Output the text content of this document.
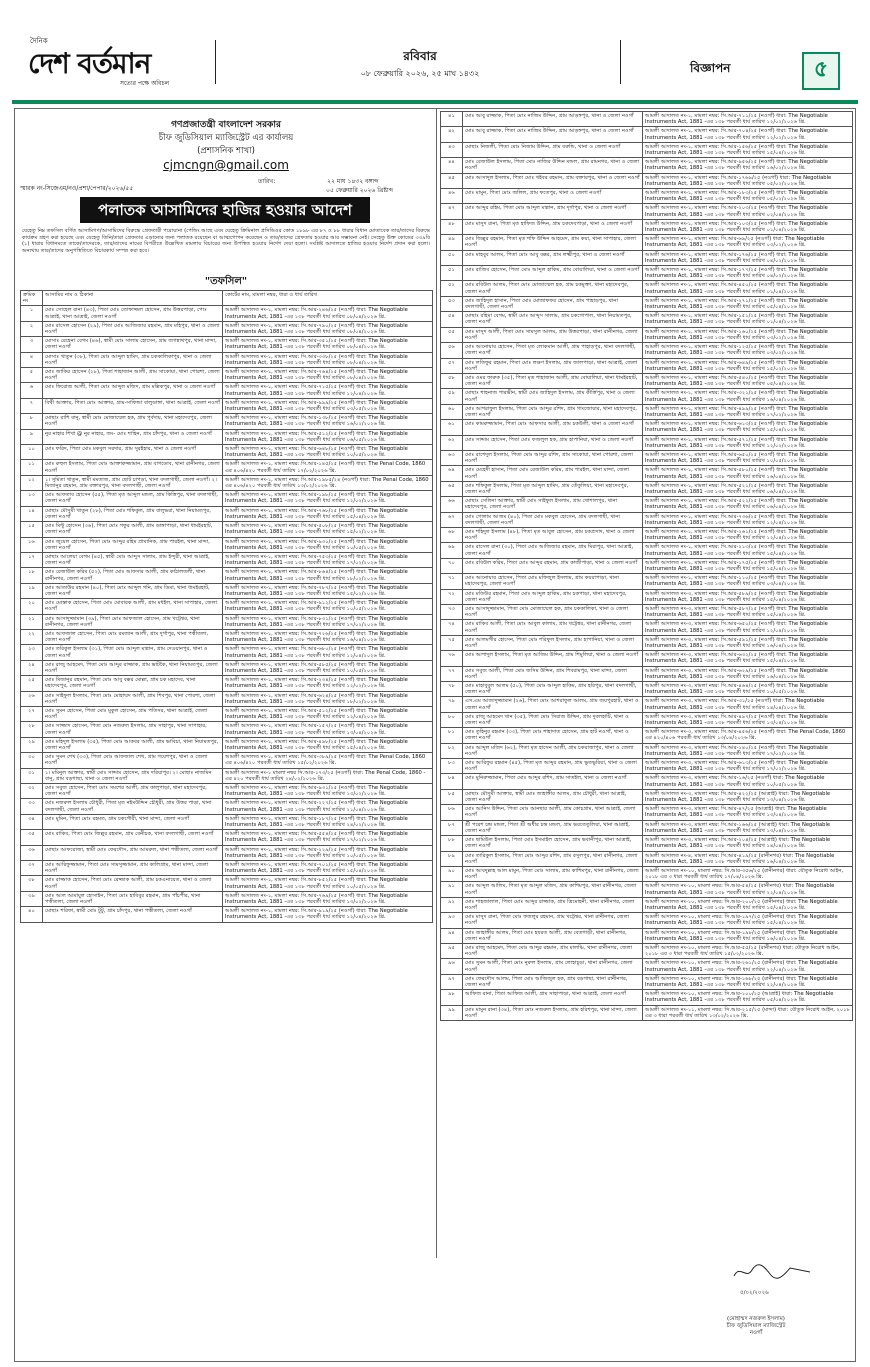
দৈনিক
দেশ বর্তমান
সত্যের পক্ষে অবিচল
রবিবার
০৮ ফেব্রুয়ারি ২০২৬, ২৫ মাঘ ১৪৩২	বিজ্ঞাপন	৫
গণপ্রজাতন্ত্রী বাংলাদেশ সরকার
চীফ জুডিসিয়াল ম্যাজিস্ট্রেট এর কার্যালয়
(প্রশাসনিক শাখা)
cjmcngn@gmail.com
স্মারক নং-সিজেএম/নও/প্রশা/পেপার/২০২৬/৫৫
তারিখ:	২২ মাঘ ১৪৩২ বঙ্গাব্দ
০৫ ফেব্রুয়ারি ২০২৬ খ্রিষ্টাব্দ
পলাতক আসামিদের হাজির হওয়ার আদেশ
যেহেতু নিম্ন তফসিল বর্ণিত আসামিগণ/আসামিদের বিরুদ্ধে গ্রেফতারী পরোয়ানা (পেন্ডিং আছে এবং যেহেতু ক্রিমিনাল প্রসিডিওর কোড ১৮৯৮ এর ৮৭ ও ৮৮ ধারার বিধান মোতাবেক তার/তাদের বিরুদ্ধে কার্যক্রম গ্রহণ করা হয়েছে এবং যেহেতু তিনি/তারা গ্রেফতার এড়ানোর জন্য পলাতক রয়েছেন বা আত্মগোপন করেছেন ও তার/তাদের গ্রেফতার হওয়ার আর সম্ভাবনা নেই। সেহেতু উক্ত কোডের ৩৩৯বি (১) ধারার বিধানমতে তাকে/তাদেরকে, তার/তাদের নামের বিপরীতে উল্লেখিত মামলায় বিচারের জন্য উপস্থিত হওয়ার নির্দেশ দেয়া হলো। সংশ্লিষ্ট আদালতে হাজির হওয়ার নির্দেশ প্রদান করা হলো। অন্যথায় তার/তাদের অনুপস্থিতিতে বিচারকার্য সম্পন্ন করা হবে।
"তফসিল"
ক্রমিক নং	আসামির নাম ও ঠিকানা	কোর্টের নাম, মামলা নম্বর, ধারা ও ধার্য তারিখ
১	মোঃ সোহেল রানা (৪৩), পিতা মোঃ তোফাজ্জল হোসেন, গ্রাম উত্তরপাড়া, পোঃ আত্রাই, থানা আত্রাই, জেলা নওগাঁ	আমলী আদালত নং-১, মামলা নম্বর: সি.আর-২৪৬/২৫ (নওগাঁ) ধারা: The Negotiable Instruments Act, 1881 -এর ১৩৮ পরবর্তী ধার্য তারিখ ০৮/০৪/২০২৬ খ্রি.
২	মোঃ রাসেল হোসেন (২৯), পিতা মোঃ আজিজার রহমান, গ্রাম মহিপুর, থানা ও জেলা নওগাঁ	আমলী আদালত নং-১, মামলা নম্বর: সি.আর-৭৯০/২৫ (নওগাঁ) ধারা: The Negotiable Instruments Act, 1881 -এর ১৩৮ পরবর্তী ধার্য তারিখ ০৮/০৪/২০২৬ খ্রি.
৩	মোসাঃ রেহেনা বেগম (৪৬), স্বামী মোঃ সালাম হোসেন, গ্রাম জগন্নাথপুর, থানা মান্দা, জেলা নওগাঁ	আমলী আদালত নং-১, মামলা নম্বর: সি.আর-৩৫১/২৫ (নওগাঁ) ধারা: The Negotiable Instruments Act, 1881 -এর ১৩৮ পরবর্তী ধার্য তারিখ ০৮/০৪/২০২৬ খ্রি.
৪	মোসাঃ খাতুন (৩৮), পিতা মোঃ আব্দুল হামিদ, গ্রাম চককালিকাপুর, থানা ও জেলা নওগাঁ	আমলী আদালত নং-১, মামলা নম্বর: সি.আর-৩৩৮/২৫ (নওগাঁ) ধারা: The Negotiable Instruments Act, 1881 -এর ১৩৮ পরবর্তী ধার্য তারিখ ০৮/০৪/২০২৬ খ্রি.
৫	মোঃ জাকির হোসেন (২৮), পিতা শাহাজান আলী, গ্রাম সাকোয়া, থানা পোরশা, জেলা নওগাঁ	আমলী আদালত নং-১, মামলা নম্বর: সি.আর-৭৬৪/২৫ (নওগাঁ) ধারা: The Negotiable Instruments Act, 1881 -এর ১৩৮ পরবর্তী ধার্য তারিখ ০৮/০৪/২০২৬ খ্রি.
৬	মোঃ ফিরোজ আলী, পিতা মোঃ আব্দুল মজিদ, গ্রাম মল্লিকপুর, থানা ও জেলা নওগাঁ	আমলী আদালত নং-১, মামলা নম্বর: সি.আর-৭১৫/২৫ (নওগাঁ) ধারা: The Negotiable Instruments Act, 1881 -এর ১৩৮ পরবর্তী ধার্য তারিখ ১২/০৪/২০২৬ খ্রি.
৭	বিথী আক্তার, পিতা মোঃ আক্তার, গ্রাম-সাফিন্ডা বালুডাঙ্গা, থানা আত্রাই, জেলা নওগাঁ	আমলী আদালত নং-১, মামলা নম্বর: সি.আর-৯৯৯/২৫ (নওগাঁ) ধারা: The Negotiable Instruments Act, 1881 -এর ১৩৮ পরবর্তী ধার্য তারিখ ০৩/০৫/২০২৬ খ্রি.
৮	মোছাঃ রাশি বানু, স্বামী মোঃ মোজাম্মেল হক, গ্রাম পূর্বদায়, থানা মহাদেবপুর, জেলা নওগাঁ	আমলী আদালত নং-১, মামলা নম্বর: সি.আর-১৩৮/২৫ (নওগাঁ) ধারা: The Negotiable Instruments Act, 1881 -এর ১৩৮ পরবর্তী ধার্য তারিখ ১৬/০২/২০২৬ খ্রি.
৯	নুর নাহার শিখা @ নুর নাহার, জং- মোঃ শাহিন, গ্রাম চাঁদপুর, থানা ও জেলা নওগাঁ	আমলী আদালত নং-১, মামলা নম্বর: সি.আর-৫১২/২৫ (নওগাঁ) ধারা: The Negotiable Instruments Act, 1881 -এর ১৩৮ পরবর্তী ধার্য তারিখ ০৬/০৫/২০২৬ খ্রি.
১০	মোঃ ফরিদ, পিতা মোঃ মকবুল সরদার, গ্রাম সুরইহার, থানা ও জেলা নওগাঁ	আমলী আদালত নং-১, মামলা নম্বর: সি.আর-৬৪৮/২৫ (নওগাঁ) ধারা: The Negotiable Instruments Act, 1881 -এর ১৩৮ পরবর্তী ধার্য তারিখ ১০/০৫/২০২৬ খ্রি.
১১	মোঃ রুহুল ইসলাম, পিতা মোঃ আক্তারুজ্জামান, গ্রাম বাগডোব, থানা রানীনগর, জেলা নওগাঁ	আমলী আদালত নং-১, মামলা নম্বর: সি.আর-১৪৫/২৫ (নওগাঁ) ধারা: The Penal Code, 1860 এর ৪০৬/৪২০ পরবর্তী ধার্য তারিখ ১৭/০২/২০২৬ খ্রি.
১২	১। সুমিতা খাতুন, স্বামী মমতাজ, গ্রাম ছোট চাপড়া, থানা বদলগাছী, জেলা নওগাঁ। ২। মিজানুর রহমান, গ্রাম বক্তারপুর, থানা বদলগাছী, জেলা নওগাঁ	আমলী আদালত নং-১, মামলা নম্বর: সি.আর-১৯৮৫/২৪ (নওগাঁ) ধারা: The Penal Code, 1860 এর ৪০৬/৪২০ পরবর্তী ধার্য তারিখ ১৩/০২/২০২৬ খ্রি.
১৩	মোঃ আফতাব হোসেন (৫৫), পিতা মৃত আব্দুল মন্ডল, গ্রাম কিত্তিপুর, থানা বদলগাছী, জেলা নওগাঁ	আমলী আদালত নং-১, মামলা নম্বর: সি.আর-১৯৮/২৫ (নওগাঁ) ধারা: The Negotiable Instruments Act, 1881 -এর ১৩৮ পরবর্তী ধার্য তারিখ ১২/০২/২০২৬ খ্রি.
১৪	মোছাঃ মৌসুমী খাতুন (২৮), পিতা মোঃ শফিকুল, গ্রাম বালুভরা, থানা নিয়ামতপুর, জেলা নওগাঁ	আমলী আদালত নং-১, মামলা নম্বর: সি.আর-৭৬৮/২৫ (নওগাঁ) ধারা: The Negotiable Instruments Act, 1881 -এর ১৩৮ পরবর্তী ধার্য তারিখ ১৫/০৪/২০২৬ খ্রি.
১৫	মোঃ মিন্টু হোসেন (৩৬), পিতা মোঃ গফুর আলী, গ্রাম ডাঙ্গাপাড়া, থানা ধামইরহাট, জেলা নওগাঁ	আমলী আদালত নং-১, মামলা নম্বর: সি.আর-৫০৮/২৫ (নওগাঁ) ধারা: The Negotiable Instruments Act, 1881 -এর ১৩৮ পরবর্তী ধার্য তারিখ ১৫/০২/২০২৬ খ্রি.
১৬	মোঃ জুয়েল হোসেন, পিতা মোঃ আব্দুর রহিম প্রামানিক, গ্রাম পারইল, থানা মান্দা, জেলা নওগাঁ	আমলী আদালত নং-১, মামলা নম্বর: সি.আর-৯৩০/২৫ (নওগাঁ) ধারা: The Negotiable Instruments Act, 1881 -এর ১৩৮ পরবর্তী ধার্য তারিখ ১০/০৫/২০২৬ খ্রি.
১৭	মোছাঃ আলেয়া বেগম (৪৫), স্বামী মোঃ আব্দুস সালাম, গ্রাম ইন্দুরী, থানা আত্রাই, জেলা নওগাঁ	আমলী আদালত নং-১, মামলা নম্বর: সি.আর-৭৫৩/২৫ (নওগাঁ) ধারা: The Negotiable Instruments Act, 1881 -এর ১৩৮ পরবর্তী ধার্য তারিখ ১৭/০২/২০২৬ খ্রি.
১৮	মোঃ রেজাউল করিম (৫২), পিতা মোঃ আফসার আলী, গ্রাম কাঠালতলী, থানা রানীনগর, জেলা নওগাঁ	আমলী আদালত নং-১, মামলা নম্বর: সি.আর-৮৬৪/২৫ (নওগাঁ) ধারা: The Negotiable Instruments Act, 1881 -এর ১৩৮ পরবর্তী ধার্য তারিখ ১৮/০২/২০২৬ খ্রি.
১৯	মোঃ আতাউর রহমান (৪০), পিতা মোঃ আব্দুল গনি, গ্রাম ডিমা, থানা ধামইরহাট, জেলা নওগাঁ	আমলী আদালত নং-১, মামলা নম্বর: সি.আর-৭৮৭/২৫ (নওগাঁ) ধারা: The Negotiable Instruments Act, 1881 -এর ১৩৮ পরবর্তী ধার্য তারিখ ১৫/০২/২০২৬ খ্রি.
২০	মোঃ মোস্তাক হোসেন, পিতা মোঃ মোবারক আলী, গ্রাম মধইল, থানা সাপাহার, জেলা নওগাঁ	আমলী আদালত নং-১, মামলা নম্বর: সি.আর-৯১২/২৫ (নওগাঁ) ধারা: The Negotiable Instruments Act, 1881 -এর ১৩৮ পরবর্তী ধার্য তারিখ ১০/০৫/২০২৬ খ্রি.
২১	মোঃ আসাদুজ্জামান (৩৯), পিতা মোঃ আফজাল হোসেন, গ্রাম খট্টেশ্বর, থানা রানীনগর, জেলা নওগাঁ	আমলী আদালত নং-১, মামলা নম্বর: সি.আর-৮৩১/২৫ (নওগাঁ) ধারা: The Negotiable Instruments Act, 1881 -এর ১৩৮ পরবর্তী ধার্য তারিখ ১৭/০২/২০২৬ খ্রি.
২২	মোঃ আফজাল হোসেন, পিতা মোঃ রমজান আলী, গ্রাম দুর্গাপুর, থানা পত্নীতলা, জেলা নওগাঁ	আমলী আদালত নং-১, মামলা নম্বর: সি.আর-৭২৬/২৫ (নওগাঁ) ধারা: The Negotiable Instruments Act, 1881 -এর ১৩৮ পরবর্তী ধার্য তারিখ ১৬/০৪/২০২৬ খ্রি.
২৩	মোঃ তরিকুল ইসলাম (৩১), পিতা মোঃ আব্দুল মান্নান, গ্রাম দেওয়ানপুর, থানা ও জেলা নওগাঁ	আমলী আদালত নং-১, মামলা নম্বর: সি.আর-৬৮০/২৫ (নওগাঁ) ধারা: The Negotiable Instruments Act, 1881 -এর ১৩৮ পরবর্তী ধার্য তারিখ ১২/০৪/২০২৬ খ্রি.
২৪	মোঃ রাজু আহমেদ, পিতা মোঃ আব্দুর রাজ্জাক, গ্রাম ভাটকৈ, থানা নিয়ামতপুর, জেলা নওগাঁ	আমলী আদালত নং-১, মামলা নম্বর: সি.আর-৫৮৫/২৫ (নওগাঁ) ধারা: The Negotiable Instruments Act, 1881 -এর ১৩৮ পরবর্তী ধার্য তারিখ ১০/০৫/২০২৬ খ্রি.
২৫	মোঃ মিজানুর রহমান, পিতা মোঃ আবু বক্কর মোল্লা, গ্রাম চক মহাদেব, থানা মহাদেবপুর, জেলা নওগাঁ	আমলী আদালত নং-১, মামলা নম্বর: সি.আর-২৩৪/২৫ (নওগাঁ) ধারা: The Negotiable Instruments Act, 1881 -এর ১৩৮ পরবর্তী ধার্য তারিখ ১২/০২/২০২৬ খ্রি.
২৬	মোঃ সাইফুল ইসলাম, পিতা মোঃ মোহাম্মদ আলী, গ্রাম শিবপুর, থানা পোরশা, জেলা নওগাঁ	আমলী আদালত নং-১, মামলা নম্বর: সি.আর-৬২৪/২৫ (নওগাঁ) ধারা: The Negotiable Instruments Act, 1881 -এর ১৩৮ পরবর্তী ধার্য তারিখ ১৮/০২/২০২৬ খ্রি.
২৭	মোঃ সুমন হোসেন, পিতা মোঃ মুকুল হোসেন, গ্রাম পতিসর, থানা আত্রাই, জেলা নওগাঁ	আমলী আদালত নং-১, মামলা নম্বর: সি.আর-৫১২/২৫ (নওগাঁ) ধারা: The Negotiable Instruments Act, 1881 -এর ১৩৮ পরবর্তী ধার্য তারিখ ১২/০৪/২০২৬ খ্রি.
২৮	মোঃ সাজ্জাদ হোসেন, পিতা মোঃ নজরুল ইসলাম, গ্রাম সাহাপুর, থানা সাপাহার, জেলা নওগাঁ	আমলী আদালত নং-১, মামলা নম্বর: সি.আর-১৫৭/২৫ (নওগাঁ) ধারা: The Negotiable Instruments Act, 1881 -এর ১৩৮ পরবর্তী ধার্য তারিখ ১৩/০৪/২০২৬ খ্রি.
২৯	মোঃ মহিদুল ইসলাম (৩৫), পিতা মোঃ আকবর আলী, গ্রাম ভাবিচা, থানা নিয়ামতপুর, জেলা নওগাঁ	আমলী আদালত নং-১, মামলা নম্বর: সি.আর-৪৯৮/২৫ (নওগাঁ) ধারা: The Negotiable Instruments Act, 1881 -এর ১৩৮ পরবর্তী ধার্য তারিখ ১৫/০৪/২০২৬ খ্রি.
৩০	মোঃ সুমন শেখ (৩৩), পিতা মোঃ আফজাল শেখ, গ্রাম গয়েশপুর, থানা ও জেলা নওগাঁ	আমলী আদালত নং-১, মামলা নম্বর: সি.আর-৩৮৯/২৫ (নওগাঁ) ধারা: The Penal Code, 1860 এর ৪০৬/৪২০ পরবর্তী ধার্য তারিখ ১৫/০২/২০২৬ খ্রি.
৩১	১। মমিনুল আক্তার, স্বামী মোঃ সাদ্দাম হোসেন, গ্রাম দরিয়াপুর। ২। মোছাঃ নাজমিন বানু, গ্রাম বড়গাছা, থানা ও জেলা নওগাঁ	আমলী আদালত নং-১ মামলা নম্বর সি.আর-১৭৩/২৫ (নওগাঁ) ধারা: The Penal Code, 1860 - এর ৪২০ পরবর্তী ধার্য তারিখ ২৪/০২/২০২৬ খ্রি.
৩২	মোঃ সবুজ হোসেন, পিতা মোঃ সমশের আলী, গ্রাম কালুপাড়া, থানা মহাদেবপুর, জেলা নওগাঁ	আমলী আদালত নং-১, মামলা নম্বর: সি.আর-৯৩১/২৫ (নওগাঁ) ধারা: The Negotiable Instruments Act, 1881 -এর ১৩৮ পরবর্তী ধার্য তারিখ ১৩/০২/২০২৬ খ্রি.
৩৩	মোঃ নজরুল ইসলাম চৌধুরী, পিতা মৃত নইমউদ্দিন চৌধুরী, গ্রাম উত্তর পাড়া, থানা বদলগাছী, জেলা নওগাঁ	আমলী আদালত নং-১, মামলা নম্বর: সি.আর-২২৭/২৫ (নওগাঁ) ধারা: The Negotiable Instruments Act, 1881 -এর ১৩৮ পরবর্তী ধার্য তারিখ ২১/০৪/২০২৬ খ্রি.
৩৪	মোঃ মুমিন, পিতা মোঃ রহমত, গ্রাম চকগৌরী, থানা মান্দা, জেলা নওগাঁ	আমলী আদালত নং-১, মামলা নম্বর: সি.আর-১৮৭/২৫ (নওগাঁ) ধারা: The Negotiable Instruments Act, 1881 -এর ১৩৮ পরবর্তী ধার্য তারিখ ২৪/০২/২০২৬ খ্রি.
৩৫	মোঃ রাকিব, পিতা মোঃ জিল্লুর রহমান, গ্রাম বেনীচক, থানা বদলগাছী, জেলা নওগাঁ	আমলী আদালত নং-১, মামলা নম্বর: সি.আর-৫৫৪/২৫ (নওগাঁ) ধারা: The Negotiable Instruments Act, 1881 -এর ১৩৮ পরবর্তী ধার্য তারিখ ১৭/০২/২০২৬ খ্রি.
৩৬	মোছাঃ আফরোজা, স্বামী মোঃ ফেরদৌস, গ্রাম আমরুল, থানা পত্নীতলা, জেলা নওগাঁ	আমলী আদালত নং-১, মামলা নম্বর: সি.আর-২২৯/২৫ (নওগাঁ) ধারা: The Negotiable Instruments Act, 1881 -এর ১৩৮ পরবর্তী ধার্য তারিখ ১০/০৫/২০২৬ খ্রি.
৩৭	মোঃ আরিফুজ্জামান, পিতা মোঃ সামসুজ্জামান, গ্রাম কালিগ্রাম, থানা মান্দা, জেলা নওগাঁ	আমলী আদালত নং-১, মামলা নম্বর: সি.আর-৭০১/২৫ (নওগাঁ) ধারা: The Negotiable Instruments Act, 1881 -এর ১৩৮ পরবর্তী ধার্য তারিখ ১৫/০৪/২০২৬ খ্রি.
৩৮	মোঃ রাজ্জাক হোসেন, পিতা মোঃ রেজ্জাক আলী, গ্রাম চকএনায়েত, থানা ও জেলা নওগাঁ	আমলী আদালত নং-১, মামলা নম্বর: সি.আর-৮৫২/২৫ (নওগাঁ) ধারা: The Negotiable Instruments Act, 1881 -এর ১৩৮ পরবর্তী ধার্য তারিখ ১০/০৫/২০২৬ খ্রি.
৩৯	মোঃ আল আমাযুল হোসাইন, পিতা মোঃ হাবিবুর রহমান, গ্রাম পাঁচপীর, থানা পত্নীতলা, জেলা নওগাঁ	আমলী আদালত নং-১, মামলা নম্বর: সি.আর-৭৬৯/২৫ (নওগাঁ) ধারা: The Negotiable Instruments Act, 1881 -এর ১৩৮ পরবর্তী ধার্য তারিখ ১৩/০২/২০২৬ খ্রি.
৪০	মোছাঃ শরিফা, স্বামী মোঃ টুটু, গ্রাম চাঁদপুর, থানা পত্নীতলা, জেলা নওগাঁ	আমলী আদালত নং-১, মামলা নম্বর: সি.আর-৯১৯/২৫ (নওগাঁ) ধারা: The Negotiable Instruments Act, 1881 -এর ১৩৮ পরবর্তী ধার্য তারিখ ১২/০৪/২০২৬ খ্রি.
৪১	মোঃ আবু রাজ্জাক, পিতা মোঃ নাজিম উদ্দিন, গ্রাম আড়ঙ্গপুর, থানা ও জেলা নওগাঁ	আমলী আদালত নং-১, মামলা নম্বর: সি.আর-৭১১/২৫ (নওগাঁ) ধারা: The Negotiable Instruments Act, 1881 -এর ১৩৮ পরবর্তী ধার্য তারিখ ১২/০২/২০২৬ খ্রি.
৪২	মোঃ আবু রাজ্জাক, পিতা মোঃ নাজিম উদ্দিন, গ্রাম আড়ঙ্গপুর, থানা ও জেলা নওগাঁ	আমলী আদালত নং-১, মামলা নম্বর: সি.আর-৭০৪/২৫ (নওগাঁ) ধারা: The Negotiable Instruments Act, 1881 -এর ১৩৮ পরবর্তী ধার্য তারিখ ১২/০২/২০২৬ খ্রি.
৪৩	মোছাঃ নিজলী, পিতা মোঃ নিজাম উদ্দিন, গ্রাম বরুন্ডি, থানা ও জেলা নওগাঁ	আমলী আদালত নং-১, মামলা নম্বর: সি.আর-১৫৬/২৫ (নওগাঁ) ধারা: The Negotiable Instruments Act, 1881 -এর ১৩৮ পরবর্তী ধার্য তারিখ ১৫/০৪/২০২৬ খ্রি.
৪৪	মোঃ রেজাউল ইসলাম, পিতা মোঃ নাজির উদ্দিন মন্ডল, গ্রাম রামনগর, থানা ও জেলা নওগাঁ	আমলী আদালত নং-১, মামলা নম্বর: সি.আর-৯৫৬/২৫ (নওগাঁ) ধারা: The Negotiable Instruments Act, 1881 -এর ১৩৮ পরবর্তী ধার্য তারিখ ১৬/০২/২০২৬ খ্রি.
৪৫	মোঃ আসাদুল ইসলাম, পিতা মোঃ খইবর রহমান, গ্রাম বক্তারপুর, থানা ও জেলা নওগাঁ	আমলী আদালত নং-১, মামলা নম্বর: সি.আর-১৭৬৯/২৫ (নওগাঁ) ধারা: The Negotiable Instruments Act, 1881 -এর ১৩৮ পরবর্তী ধার্য তারিখ ০৫/০২/২০২৬ খ্রি.
৪৬	মোঃ মামুন, পিতা মোঃ জলিল, গ্রাম ফতেপুর, থানা ও জেলা নওগাঁ	আমলী আদালত নং-১, মামলা নম্বর: সি.আর-১৮৩/২৫ (নওগাঁ) ধারা: The Negotiable Instruments Act, 1881 -এর ১৩৮ পরবর্তী ধার্য তারিখ ০৫/০২/২০২৬ খ্রি.
৪৭	মোঃ আব্দুর রহিম, পিতা মোঃ আব্দুল মান্নান, গ্রাম দূর্গাপুর, থানা ও জেলা নওগাঁ	আমলী আদালত নং-১, মামলা নম্বর: সি.আর-২০৩/২৫ (নওগাঁ) ধারা: The Negotiable Instruments Act, 1881 -এর ১৩৮ পরবর্তী ধার্য তারিখ ০২/০৪/২০২৬ খ্রি.
৪৮	মোঃ মাসুদ রানা, পিতা মৃত হাফিজ উদ্দিন, গ্রাম চকদেবপাড়া, থানা ও জেলা নওগাঁ	আমলী আদালত নং-১, মামলা নম্বর: সি.আর-১০৩/২৫ (নওগাঁ) ধারা: The Negotiable Instruments Act, 1881 -এর ১৩৮ পরবর্তী ধার্য তারিখ ০১/০৪/২০২৬ খ্রি.
৪৯	মোঃ জিল্লুর রহমান, পিতা মৃত শফি উদ্দিন আহমেদ, গ্রাম কয়া, থানা সাপাহার, জেলা নওগাঁ	আমলী আদালত নং-১, মামলা নম্বর: সি.আর-৬৯/২৫ (নওগাঁ) ধারা: The Negotiable Instruments Act, 1881 -এর ১৩৮ পরবর্তী ধার্য তারিখ ০৩/০২/২০২৬ খ্রি.
৫০	মোঃ মাহবুব আলম, পিতা মোঃ আবু বক্কর, গ্রাম লক্ষ্মীপুর, থানা ও জেলা নওগাঁ	আমলী আদালত নং-১, মামলা নম্বর: সি.আর-১৭৬/২৫ (নওগাঁ) ধারা: The Negotiable Instruments Act, 1881 -এর ১৩৮ পরবর্তী ধার্য তারিখ ০৪/০২/২০২৬ খ্রি.
৫১	মোঃ রাজিব হোসেন, পিতা মোঃ আব্দুল হাকিম, গ্রাম বোয়ালিয়া, থানা ও জেলা নওগাঁ	আমলী আদালত নং-১, মামলা নম্বর: সি.আর-১৭৭/২৫ (নওগাঁ) ধারা: The Negotiable Instruments Act, 1881 -এর ১৩৮ পরবর্তী ধার্য তারিখ ০৪/০২/২০২৬ খ্রি.
৫২	মোঃ রবিউল আলম, পিতা মোঃ মোজাম্মেল হক, গ্রাম চকমুক্তা, থানা মহাদেবপুর, জেলা নওগাঁ	আমলী আদালত নং-১, মামলা নম্বর: সি.আর-৪৫০/২৫ (নওগাঁ) ধারা: The Negotiable Instruments Act, 1881 -এর ১৩৮ পরবর্তী ধার্য তারিখ ০১/০৪/২০২৬ খ্রি.
৫৩	মোঃ জাহিদুল হাসান, পিতা মোঃ মোজাফফর হোসেন, গ্রাম পাহাড়পুর, থানা বদলগাছী, জেলা নওগাঁ	আমলী আদালত নং-১, মামলা নম্বর: সি.আর-২৭১/২৫ (নওগাঁ) ধারা: The Negotiable Instruments Act, 1881 -এর ১৩৮ পরবর্তী ধার্য তারিখ ০৫/০৪/২০২৬ খ্রি.
৫৪	মোছাঃ রহিমা বেগম, স্বামী মোঃ আব্দুস সালাম, গ্রাম চকগোপাল, থানা নিয়ামতপুর, জেলা নওগাঁ	আমলী আদালত নং-১, মামলা নম্বর: সি.আর-১৫১/২৫ (নওগাঁ) ধারা: The Negotiable Instruments Act, 1881 -এর ১৩৮ পরবর্তী ধার্য তারিখ ০১/০৪/২০২৬ খ্রি.
৫৫	মোঃ মাসুদ আলী, পিতা মোঃ সামসুল আলম, গ্রাম উত্তরপাড়া, থানা রানীনগর, জেলা নওগাঁ	আমলী আদালত নং-১, মামলা নম্বর: সি.আর-১৬০/২৫ (নওগাঁ) ধারা: The Negotiable Instruments Act, 1881 -এর ১৩৮ পরবর্তী ধার্য তারিখ ০৩/০২/২০২৬ খ্রি.
৫৬	মোঃ আনোয়ার হোসেন, পিতা মৃত লোকমান আলী, গ্রাম পাহাড়পুর, থানা বদলগাছী, জেলা নওগাঁ	আমলী আদালত নং-১, মামলা নম্বর: সি.আর-১২৫/২৫ (নওগাঁ) ধারা: The Negotiable Instruments Act, 1881 -এর ১৩৮ পরবর্তী ধার্য তারিখ ০৩/০২/২০২৬ খ্রি.
৫৭	মোঃ লতিফুর রহমান, পিতা মোঃ লক্ষণ ইসলাম, গ্রাম জালপাড়া, থানা আত্রাই, জেলা নওগাঁ	আমলী আদালত নং-১, মামলা নম্বর: সি.আর-৬৪৯/২৫ (নওগাঁ) ধারা: The Negotiable Instruments Act, 1881 -এর ১৩৮ পরবর্তী ধার্য তারিখ ১৫/০২/২০২৬ খ্রি.
৫৮	মোঃ ওমর ফারুক (৩৫), পিতা মৃত শাহাজান আলী, গ্রাম বোয়ালিয়া, থানা ধামইরহাট, জেলা নওগাঁ	আমলী আদালত নং-১, মামলা নম্বর: সি.আর-৫৪০/২৫ (নওগাঁ) ধারা: The Negotiable Instruments Act, 1881 -এর ১৩৮ পরবর্তী ধার্য তারিখ ০৫/০৪/২০২৬ খ্রি.
৫৯	মোছাঃ শাহনাজ পারভীন, স্বামী মোঃ জাহিদুল ইসলাম, গ্রাম কীর্ত্তিপুর, থানা ও জেলা নওগাঁ	আমলী আদালত নং-১, মামলা নম্বর: সি.আর-৩২১/২৫ (নওগাঁ) ধারা: The Negotiable Instruments Act, 1881 -এর ১৩৮ পরবর্তী ধার্য তারিখ ১৬/০৪/২০২৬ খ্রি.
৬০	মোঃ আশরাফুল ইসলাম, পিতা মোঃ আব্দুর রশিদ, গ্রাম গাংজোয়ার, থানা মহাদেবপুর, জেলা নওগাঁ	আমলী আদালত নং-১, মামলা নম্বর: সি.আর-৪৯৯/২৫ (নওগাঁ) ধারা: The Negotiable Instruments Act, 1881 -এর ১৩৮ পরবর্তী ধার্য তারিখ ১৭/০২/২০২৬ খ্রি.
৬১	মোঃ কামরুজ্জামান, পিতা মোঃ আফসার আলী, গ্রাম চকউলী, থানা ও জেলা নওগাঁ	আমলী আদালত নং-১, মামলা নম্বর: সি.আর-৬১৩/২৫ (নওগাঁ) ধারা: The Negotiable Instruments Act, 1881 -এর ১৩৮ পরবর্তী ধার্য তারিখ ১৫/০৪/২০২৬ খ্রি.
৬২	মোঃ সাদ্দাম হোসেন, পিতা মোঃ ফজলুল হক, গ্রাম হাপানিয়া, থানা ও জেলা নওগাঁ	আমলী আদালত নং-১, মামলা নম্বর: সি.আর-৫৭১/২৫ (নওগাঁ) ধারা: The Negotiable Instruments Act, 1881 -এর ১৩৮ পরবর্তী ধার্য তারিখ ১২/০২/২০২৬ খ্রি.
৬৩	মোঃ রাশেদুল ইসলাম, পিতা মোঃ আব্দুর রশিদ, গ্রাম সাকোয়া, থানা পোরশা, জেলা নওগাঁ	আমলী আদালত নং-১, মামলা নম্বর: সি.আর-৬৫০/২৫ (নওগাঁ) ধারা: The Negotiable Instruments Act, 1881 -এর ১৩৮ পরবর্তী ধার্য তারিখ ১০/০৫/২০২৬ খ্রি.
৬৪	মোঃ মেহেদী হাসান, পিতা মোঃ রেজাউল করিম, গ্রাম পারইল, থানা মান্দা, জেলা নওগাঁ	আমলী আদালত নং-১, মামলা নম্বর: সি.আর-৫৮০/২৫ (নওগাঁ) ধারা: The Negotiable Instruments Act, 1881 -এর ১৩৮ পরবর্তী ধার্য তারিখ ১৬/০৪/২০২৬ খ্রি.
৬৫	মোঃ শফিকুল ইসলাম, পিতা মৃত আব্দুল হামিদ, গ্রাম তেঁতুলিয়া, থানা মহাদেবপুর, জেলা নওগাঁ	আমলী আদালত নং-১, মামলা নম্বর: সি.আর-৫২১/২৫ (নওগাঁ) ধারা: The Negotiable Instruments Act, 1881 -এর ১৩৮ পরবর্তী ধার্য তারিখ ০৬/০৪/২০২৬ খ্রি.
৬৬	মোছাঃ সেলিনা আক্তার, স্বামী মোঃ সাইফুল ইসলাম, গ্রাম খোশালপুর, থানা মহাদেবপুর, জেলা নওগাঁ	আমলী আদালত নং-১, মামলা নম্বর: সি.আর-৫২২/২৫ (নওগাঁ) ধারা: The Negotiable Instruments Act, 1881 -এর ১৩৮ পরবর্তী ধার্য তারিখ ০৬/০৪/২০২৬ খ্রি.
৬৭	মোঃ গোলাম আজম (৪০), পিতা মোঃ মকবুল হোসেন, গ্রাম বদলগাছী, থানা বদলগাছী, জেলা নওগাঁ	আমলী আদালত নং-১, মামলা নম্বর: সি.আর-৭৩৬/২৫ (নওগাঁ) ধারা: The Negotiable Instruments Act, 1881 -এর ১৩৮ পরবর্তী ধার্য তারিখ ১২/০৪/২০২৬ খ্রি.
৬৮	মোঃ শহিদুল ইসলাম (৪৮), পিতা মৃত আবুল হোসেন, গ্রাম চকপ্রসাদ, থানা ও জেলা নওগাঁ	আমলী আদালত নং-১, মামলা নম্বর: সি.আর-২৬১/২৫ (নওগাঁ) ধারা: The Negotiable Instruments Act, 1881 -এর ১৩৮ পরবর্তী ধার্য তারিখ ১২/০৪/২০২৬ খ্রি.
৬৯	মোঃ রাসেল রানা (৩০), পিতা মোঃ আজিজার রহমান, গ্রাম মিরাপুর, থানা আত্রাই, জেলা নওগাঁ	আমলী আদালত নং-১, মামলা নম্বর: সি.আর-২১৩/২৫ (নওগাঁ) ধারা: The Negotiable Instruments Act, 1881 -এর ১৩৮ পরবর্তী ধার্য তারিখ ১৫/০৪/২০২৬ খ্রি.
৭০	মোঃ রবিউল করিম, পিতা মোঃ আব্দুর রহমান, গ্রাম কাজীপাড়া, থানা ও জেলা নওগাঁ	আমলী আদালত নং-১, মামলা নম্বর: সি.আর-১৭৫/২৫ (নওগাঁ) ধারা: The Negotiable Instruments Act, 1881 -এর ১৩৮ পরবর্তী ধার্য তারিখ ১৫/০৪/২০২৬ খ্রি.
৭১	মোঃ আনোয়ার হোসেন, পিতা মোঃ মফিজুল ইসলাম, গ্রাম কয়রাপাড়া, থানা মহাদেবপুর, জেলা নওগাঁ	আমলী আদালত নং-১, মামলা নম্বর: সি.আর-১১০/২৫ (নওগাঁ) ধারা: The Negotiable Instruments Act, 1881 -এর ১৩৮ পরবর্তী ধার্য তারিখ ০৩/০৪/২০২৬ খ্রি.
৭২	মোঃ মতিউর রহমান, পিতা মোঃ আব্দুল হাকিম, গ্রাম চকপাড়া, থানা মহাদেবপুর, জেলা নওগাঁ	আমলী আদালত নং-৩, মামলা নম্বর: সি.আর-৫৮৯/২৫ (নওগাঁ) ধারা: The Negotiable Instruments Act, 1881 -এর ১৩৮ পরবর্তী ধার্য তারিখ ১৫/০৪/২০২৬ খ্রি.
৭৩	মোঃ আসাদুজ্জামান, পিতা মোঃ মোজাম্মেল হক, গ্রাম চককালিকা, থানা ও জেলা নওগাঁ	আমলী আদালত নং-৩, মামলা নম্বর: সি.আর-৫৮৭/২৫ (নওগাঁ) ধারা: The Negotiable Instruments Act, 1881 -এর ১৩৮ পরবর্তী ধার্য তারিখ ১৫/০৪/২০২৬ খ্রি.
৭৪	মোঃ রাকিব আলী, পিতা মোঃ আবুল কালাম, গ্রাম খট্টেশ্বর, থানা রানীনগর, জেলা নওগাঁ	আমলী আদালত নং-৩, মামলা নম্বর: সি.আর-৬৫০/২৫ (নওগাঁ) ধারা: The Negotiable Instruments Act, 1881 -এর ১৩৮ পরবর্তী ধার্য তারিখ ১২/০৪/২০২৬ খ্রি.
৭৫	মোঃ আলমগীর হোসেন, পিতা মোঃ শরিফুল ইসলাম, গ্রাম হাপানিয়া, থানা ও জেলা নওগাঁ	আমলী আদালত নং-৩, মামলা নম্বর: সি.আর-৫৯১/২৫ (নওগাঁ) ধারা: The Negotiable Instruments Act, 1881 -এর ১৩৮ পরবর্তী ধার্য তারিখ ১৬/০৪/২০২৬ খ্রি.
৭৬	মোঃ আশাদুল ইসলাম, পিতা মৃত আজিম উদ্দিন, গ্রাম শিমুলিয়া, থানা ও জেলা নওগাঁ	আমলী আদালত নং-৩, মামলা নম্বর: সি.আর-৬৩২/২৫ (নওগাঁ) ধারা: The Negotiable Instruments Act, 1881 -এর ১৩৮ পরবর্তী ধার্য তারিখ ১৫/০৪/২০২৬ খ্রি.
৭৭	মোঃ সবুজ আলী, পিতা মোঃ জসিম উদ্দিন, গ্রাম শিবরামপুর, থানা মান্দা, জেলা নওগাঁ	আমলী আদালত নং-৩, মামলা নম্বর: সি.আর-৬২৯/২৫ (নওগাঁ) ধারা: The Negotiable Instruments Act, 1881 -এর ১৩৮ পরবর্তী ধার্য তারিখ ১৬/০৪/২০২৬ খ্রি.
৭৮	মোঃ মাহাবুবুল আলম (৫০), পিতা মোঃ আব্দুল হাকিম, গ্রাম হরিপুর, থানা বদলগাছী, জেলা নওগাঁ	আমলী আদালত নং-৩, মামলা নম্বর: সি.আর-৪৬৪/২৫ (নওগাঁ) ধারা: The Negotiable Instruments Act, 1881 -এর ১৩৮ পরবর্তী ধার্য তারিখ ১০/০৫/২০২৬ খ্রি.
৭৯	এস.এম আজাদুজ্জামান (২৬), পিতা মোঃ আশরাফুল আলম, গ্রাম জয়পুরহাট, থানা ও জেলা নওগাঁ	আমলী আদালত নং-৩, মামলা নম্বর: সি.আর-৩১/২৫ (নওগাঁ) ধারা: The Negotiable Instruments Act, 1881 -এর ১৩৮ পরবর্তী ধার্য তারিখ ১৪/০৪/২০২৬ খ্রি.
৮০	মোঃ রাজু আহমেদ খান (৩৫), পিতা মোঃ সিরাজ উদ্দিন, গ্রাম দুবলহাটি, থানা ও জেলা নওগাঁ	আমলী আদালত নং-৩, মামলা নম্বর: সি.আর-৪৯৭/২৫ (নওগাঁ) ধারা: The Negotiable Instruments Act, 1881 -এর ১৩৮ পরবর্তী ধার্য তারিখ ১৩/০৪/২০২৬ খ্রি.
৮১	মোঃ তুহিনুর রহমান (৩৩), পিতা মোঃ শাহাদাত হোসেন, গ্রাম হাট নওগাঁ, থানা ও জেলা নওগাঁ	আমলী আদালত নং-৩, মামলা নম্বর: সি.আর-৪৫৬/২৫ (নওগাঁ) ধারা: The Penal Code, 1860 এর ৪২০/৪০৬ পরবর্তী ধার্য তারিখ ১৩/০৪/২০২৬ খ্রি.
৮২	মোঃ আব্দুল মজিদ (৬২), পিতা মৃত হাসেন আলী, গ্রাম চকরাজাপুর, থানা ও জেলা নওগাঁ	আমলী আদালত নং-৩, মামলা নম্বর: সি.আর-১৪০/২৫ (নওগাঁ) ধারা: The Negotiable Instruments Act, 1881 -এর ১৩৮ পরবর্তী ধার্য তারিখ ১৭/০২/২০২৬ খ্রি.
৮৩	মোঃ আরিফুর রহমান (৪৫), পিতা মৃত আব্দুর রহমান, গ্রাম ভুতভুরিয়া, থানা ও জেলা নওগাঁ	আমলী আদালত নং-৩, মামলা নম্বর: সি.আর-৬১৩/২৫ (নওগাঁ) ধারা: The Negotiable Instruments Act, 1881 -এর ১৩৮ পরবর্তী ধার্য তারিখ ১৭/০২/২০২৬ খ্রি.
৮৪	মোঃ মুনিরুজ্জামান, পিতা মোঃ আব্দুর রশিদ, গ্রাম সাতইল, থানা ও জেলা নওগাঁ	আমলী আদালত নং-৩, মামলা নম্বর: সি.আর-১৬/২৫ (নওগাঁ) ধারা: The Negotiable Instruments Act, 1881 -এর ১৩৮ পরবর্তী ধার্য তারিখ ১০/০৫/২০২৬ খ্রি.
৮৫	মোছাঃ মৌসুমী আক্তার, স্বামী মোঃ জাহাঙ্গীর আলম, গ্রাম চৌধুরী, থানা আত্রাই, জেলা নওগাঁ	আমলী আদালত নং-৩, মামলা নম্বর: সি.আর-৪২২/২৫ (আত্রাই) ধারা: The Negotiable Instruments Act, 1881 -এর ১৩৮ পরবর্তী ধার্য তারিখ ১৩/০৪/২০২৬ খ্রি.
৮৬	মোঃ আনিস উদ্দিন, পিতা মোঃ আনছার আলী, গ্রাম কোচগ্রাম, থানা আত্রাই, জেলা নওগাঁ	আমলী আদালত নং-৩, মামলা নম্বর: সি.আর-৪৭/২৫ (আত্রাই) ধারা: The Negotiable Instruments Act, 1881 -এর ১৩৮ পরবর্তী ধার্য তারিখ ১৩/০৪/২০২৬ খ্রি.
৮৭	শ্রী পরেশ চন্দ্র মন্ডল, পিতা শ্রী অধীর চন্দ্র মন্ডল, গ্রাম ভরতেতুলিয়া, থানা আত্রাই, জেলা নওগাঁ	আমলী আদালত নং-৩, মামলা নম্বর: সি.আর-১৬৬/২৫ (আত্রাই) ধারা: The Negotiable Instruments Act, 1881 -এর ১৩৮ পরবর্তী ধার্য তারিখ ১৩/০৪/২০২৬ খ্রি.
৮৮	মোঃ ছামিউল ইসলাম, পিতা মোঃ ইসমাইল হোসেন, গ্রাম ভবানীপুর, থানা আত্রাই, জেলা নওগাঁ	আমলী আদালত নং-৩, মামলা নম্বর: সি.আর-২০৪/২৫ (আত্রাই) ধারা: The Negotiable Instruments Act, 1881 -এর ১৩৮ পরবর্তী ধার্য তারিখ ১৪/০৪/২০২৬ খ্রি.
৮৯	মোঃ তারিকুল ইসলাম, পিতা মোঃ আব্দুর রশিদ, গ্রাম রসুলপুর, থানা রানীনগর, জেলা নওগাঁ	আমলী আদালত নং-৪, মামলা নম্বর: সি.আর-৪১৯/২৫ (রানীনগর) ধারা: The Negotiable Instruments Act, 1881 -এর ১৩৮ পরবর্তী ধার্য তারিখ ১৬/০৪/২০২৬ খ্রি.
৯০	মোঃ আবদুল্লাহ আল মামুন, পিতা মোঃ সালাম, গ্রাম কাশিমপুর, থানা রানীনগর, জেলা নওগাঁ	আমলী আদালত নং-১০, মামলা নম্বর: সি.আর-৩৫৬/২৫ (রানীনগর) ধারা: যৌতুক নিরোধ আইন, ২০১৮ এর ৩ ধারা পরবর্তী ধার্য তারিখ ১৭/০৪/২০২৬ খ্রি.
৯১	মোঃ আব্দুল আলিম, পিতা মৃত আব্দুল মজিদ, গ্রাম কাশিমপুর, থানা রানীনগর, জেলা নওগাঁ	আমলী আদালত নং-১০, মামলা নম্বর: সি.আর-৫৪/২৫ (রানীনগর) ধারা: The Negotiable Instruments Act, 1881 -এর ১৩৮ পরবর্তী ধার্য তারিখ ২২/০৪/২০২৬ খ্রি.
৯২	মোঃ শাহজালাল, পিতা মোঃ আব্দুর রাজ্জাক, গ্রাম ত্রিমোহনী, থানা রানীনগর, জেলা নওগাঁ	আমলী আদালত নং-১০, মামলা নম্বর: সি.আর-২০০/২৫ (রানীনগর) ধারা: The Negotiable Instruments Act, 1881 -এর ১৩৮ পরবর্তী ধার্য তারিখ ১৫/০৪/২০২৬ খ্রি.
৯৩	মোঃ মাসুদ রানা, পিতা মোঃ ফজলুর রহমান, গ্রাম খট্টেশ্বর, থানা রানীনগর, জেলা নওগাঁ	আমলী আদালত নং-১০, মামলা নম্বর: সি.আর-১৯৭/২৫ (রানীনগর) ধারা: The Negotiable Instruments Act, 1881 -এর ১৩৮ পরবর্তী ধার্য তারিখ ১৫/০৪/২০২৬ খ্রি.
৯৪	মোঃ জাহাঙ্গীর আলম, পিতা মোঃ হযরত আলী, গ্রাম বেতগাড়ী, থানা রানীনগর, জেলা নওগাঁ	আমলী আদালত নং-১০, মামলা নম্বর: সি.আর-১৯৮/২৫ (রানীনগর) ধারা: The Negotiable Instruments Act, 1881 -এর ১৩৮ পরবর্তী ধার্য তারিখ ১৬/০৪/২০২৬ খ্রি.
৯৫	মোঃ রাজু আহমেদ, পিতা মোঃ আব্দুর রহমান, গ্রাম মালঞ্চি, থানা রানীনগর, জেলা নওগাঁ	আমলী আদালত নং-১০, মামলা নম্বর: সি.আর-৫৫/২৫ (রানীনগর) ধারা: যৌতুক নিরোধ আইন, ২০১৮ এর ৩ ধারা পরবর্তী ধার্য তারিখ ১৫/০২/২০২৬ খ্রি.
৯৬	মোঃ সুমন আলী, পিতা মোঃ নুরুল ইসলাম, গ্রাম লোহাচূড়া, থানা রানীনগর, জেলা নওগাঁ	আমলী আদালত নং-১০, মামলা নম্বর: সি.আর-২৬১/২৫ (রানীনগর) ধারা: The Negotiable Instruments Act, 1881 -এর ১৩৮ পরবর্তী ধার্য তারিখ ২২/০৪/২০২৬ খ্রি.
৯৭	মোঃ ফেরদৌস আলম, পিতা মোঃ আজিজুল হক, গ্রাম বড়গাছা, থানা রানীনগর, জেলা নওগাঁ	আমলী আদালত নং-১০, মামলা নম্বর: সি.আর-১৬৮/২৫ (রানীনগর) ধারা: The Negotiable Instruments Act, 1881 -এর ১৩৮ পরবর্তী ধার্য তারিখ ২২/০৪/২০২৬ খ্রি.
৯৮	আফিজ রানা, পিতা আফিজ আলী, গ্রাম সাহাপাড়া, থানা আত্রাই, জেলা নওগাঁ	আমলী আদালত নং-১০, মামলা নম্বর: সি.আর-১০০/২৫ (আত্রাই) ধারা: The Negotiable Instruments Act, 1881 -এর ১৩৮ পরবর্তী ধার্য তারিখ ০৫/০৪/২০২৬ খ্রি.
৯৯	মোঃ মামুন রানা (৩৪), পিতা মোঃ নজরুল ইসলাম, গ্রাম হরিশপুর, থানা মান্দা, জেলা নওগাঁ	আমলী আদালত নং-১১, মামলা নম্বর: সি.আর-২১৫/২৫ (মান্দা) ধারা: যৌতুক নিরোধ আইন, ২০১৮ এর ৩ ধারা পরবর্তী ধার্য তারিখ ১৩/০২/২০২৬ খ্রি.
৫/০২/২০২৬
(মোহাম্মদ নজরুল ইসলাম)
চীফ জুডিসিয়াল ম্যাজিস্ট্রেট
নওগাঁ
